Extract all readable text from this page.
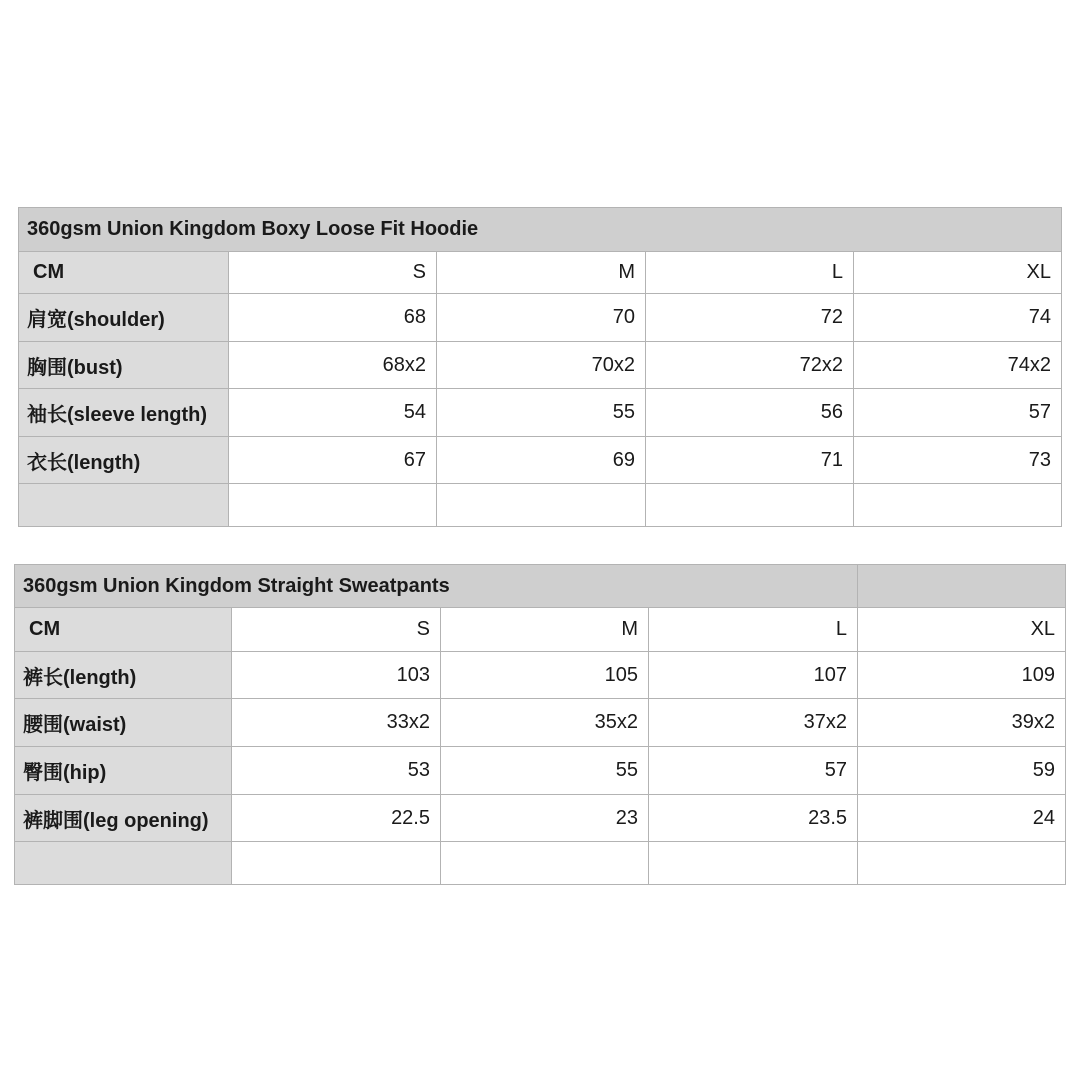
360gsm Union Kingdom Boxy Loose Fit Hoodie				
CM	S	M	L	XL
肩宽(shoulder)	68	70	72	74
胸围(bust)	68x2	70x2	72x2	74x2
袖长(sleeve length)	54	55	56	57
衣长(length)	67	69	71	73

360gsm Union Kingdom Straight Sweatpants				
CM	S	M	L	XL
裤长(length)	103	105	107	109
腰围(waist)	33x2	35x2	37x2	39x2
臀围(hip)	53	55	57	59
裤脚围(leg opening)	22.5	23	23.5	24
